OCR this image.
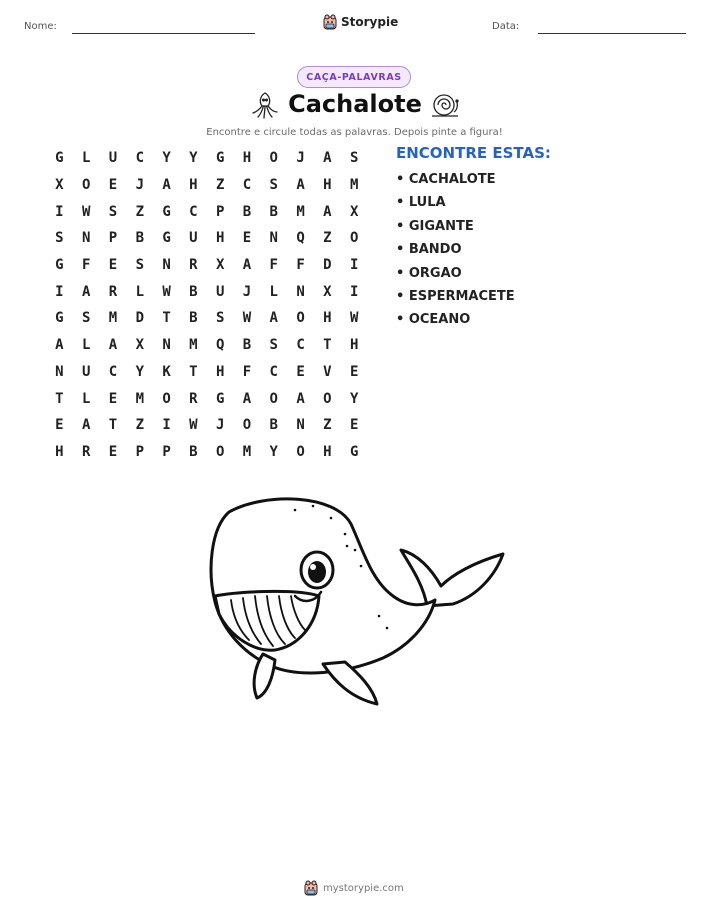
Nome:	Storypie	Data:
CAÇA-PALAVRAS
Cachalote
Encontre e circule todas as palavras. Depois pinte a figura!
G	L	U	C	Y	Y	G	H	O	J	A	S
X	O	E	J	A	H	Z	C	S	A	H	M
I	W	S	Z	G	C	P	B	B	M	A	X
S	N	P	B	G	U	H	E	N	Q	Z	O
G	F	E	S	N	R	X	A	F	F	D	I
I	A	R	L	W	B	U	J	L	N	X	I
G	S	M	D	T	B	S	W	A	O	H	W
A	L	A	X	N	M	Q	B	S	C	T	H
N	U	C	Y	K	T	H	F	C	E	V	E
T	L	E	M	O	R	G	A	O	A	O	Y
E	A	T	Z	I	W	J	O	B	N	Z	E
H	R	E	P	P	B	O	M	Y	O	H	G
ENCONTRE ESTAS:
• CACHALOTE
• LULA
• GIGANTE
• BANDO
• ORGAO
• ESPERMACETE
• OCEANO
mystorypie.com
